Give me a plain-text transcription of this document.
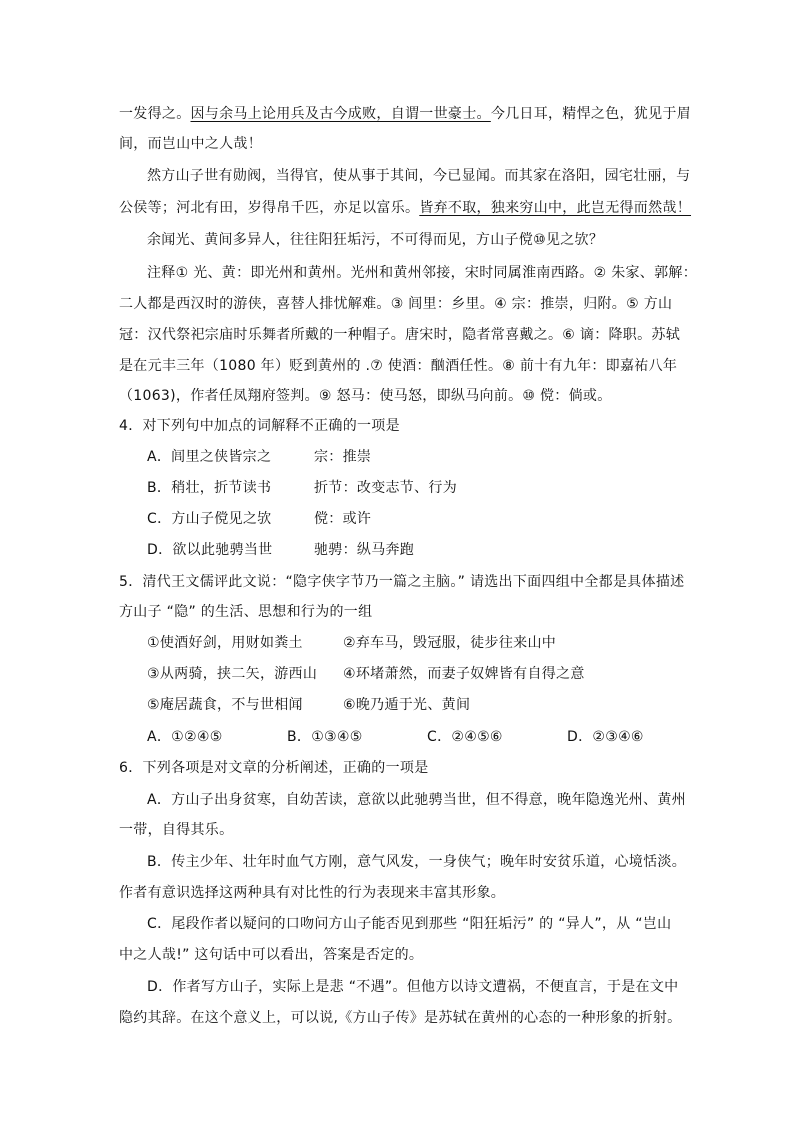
一发得之。因与余马上论用兵及古今成败，自谓一世豪士。今几日耳，精悍之色，犹见于眉
间，而岂山中之人哉！
然方山子世有勋阀，当得官，使从事于其间，今已显闻。而其家在洛阳，园宅壮丽，与
公侯等；河北有田，岁得帛千匹，亦足以富乐。皆弃不取，独来穷山中，此岂无得而然哉！
余闻光、黄间多异人，往往阳狂垢污，不可得而见，方山子傥⑩见之欤？
注释① 光、黄：即光州和黄州。光州和黄州邻接，宋时同属淮南西路。② 朱家、郭解：
二人都是西汉时的游侠，喜替人排忧解难。③ 闾里：乡里。④ 宗：推崇，归附。⑤ 方山
冠：汉代祭祀宗庙时乐舞者所戴的一种帽子。唐宋时，隐者常喜戴之。⑥ 谪：降职。苏轼
是在元丰三年（1080 年）贬到黄州的 .⑦ 使酒：酗酒任性。⑧ 前十有九年：即嘉祐八年
（1063)，作者任凤翔府签判。⑨ 怒马：使马怒，即纵马向前。⑩ 傥：倘或。
4．对下列句中加点的词解释不正确的一项是
A．闾里之侠皆宗之	宗：推崇
B．稍壮，折节读书	折节：改变志节、行为
C．方山子傥见之欤	傥：或许
D．欲以此驰骋当世	驰骋：纵马奔跑
5．清代王文儒评此文说：“隐字侠字节乃一篇之主脑。” 请选出下面四组中全都是具体描述
方山子 “隐” 的生活、思想和行为的一组
①使酒好剑，用财如粪土	②弃车马，毁冠服，徒步往来山中
③从两骑，挟二矢，游西山 ④环堵萧然，而妻子奴婢皆有自得之意
⑤庵居蔬食，不与世相闻	⑥晚乃遁于光、黄间
A．①②④⑤	B．①③④⑤	C．②④⑤⑥	D．②③④⑥
6．下列各项是对文章的分析阐述，正确的一项是
A．方山子出身贫寒，自幼苦读，意欲以此驰骋当世，但不得意，晚年隐逸光州、黄州
一带，自得其乐。
B．传主少年、壮年时血气方刚，意气风发，一身侠气；晚年时安贫乐道，心境恬淡。
作者有意识选择这两种具有对比性的行为表现来丰富其形象。
C．尾段作者以疑问的口吻问方山子能否见到那些 “阳狂垢污” 的 “异人”，从 “岂山
中之人哉!” 这句话中可以看出，答案是否定的。
D．作者写方山子，实际上是悲 “不遇”。但他方以诗文遭祸，不便直言，于是在文中
隐约其辞。在这个意义上，可以说,《方山子传》是苏轼在黄州的心态的一种形象的折射。
